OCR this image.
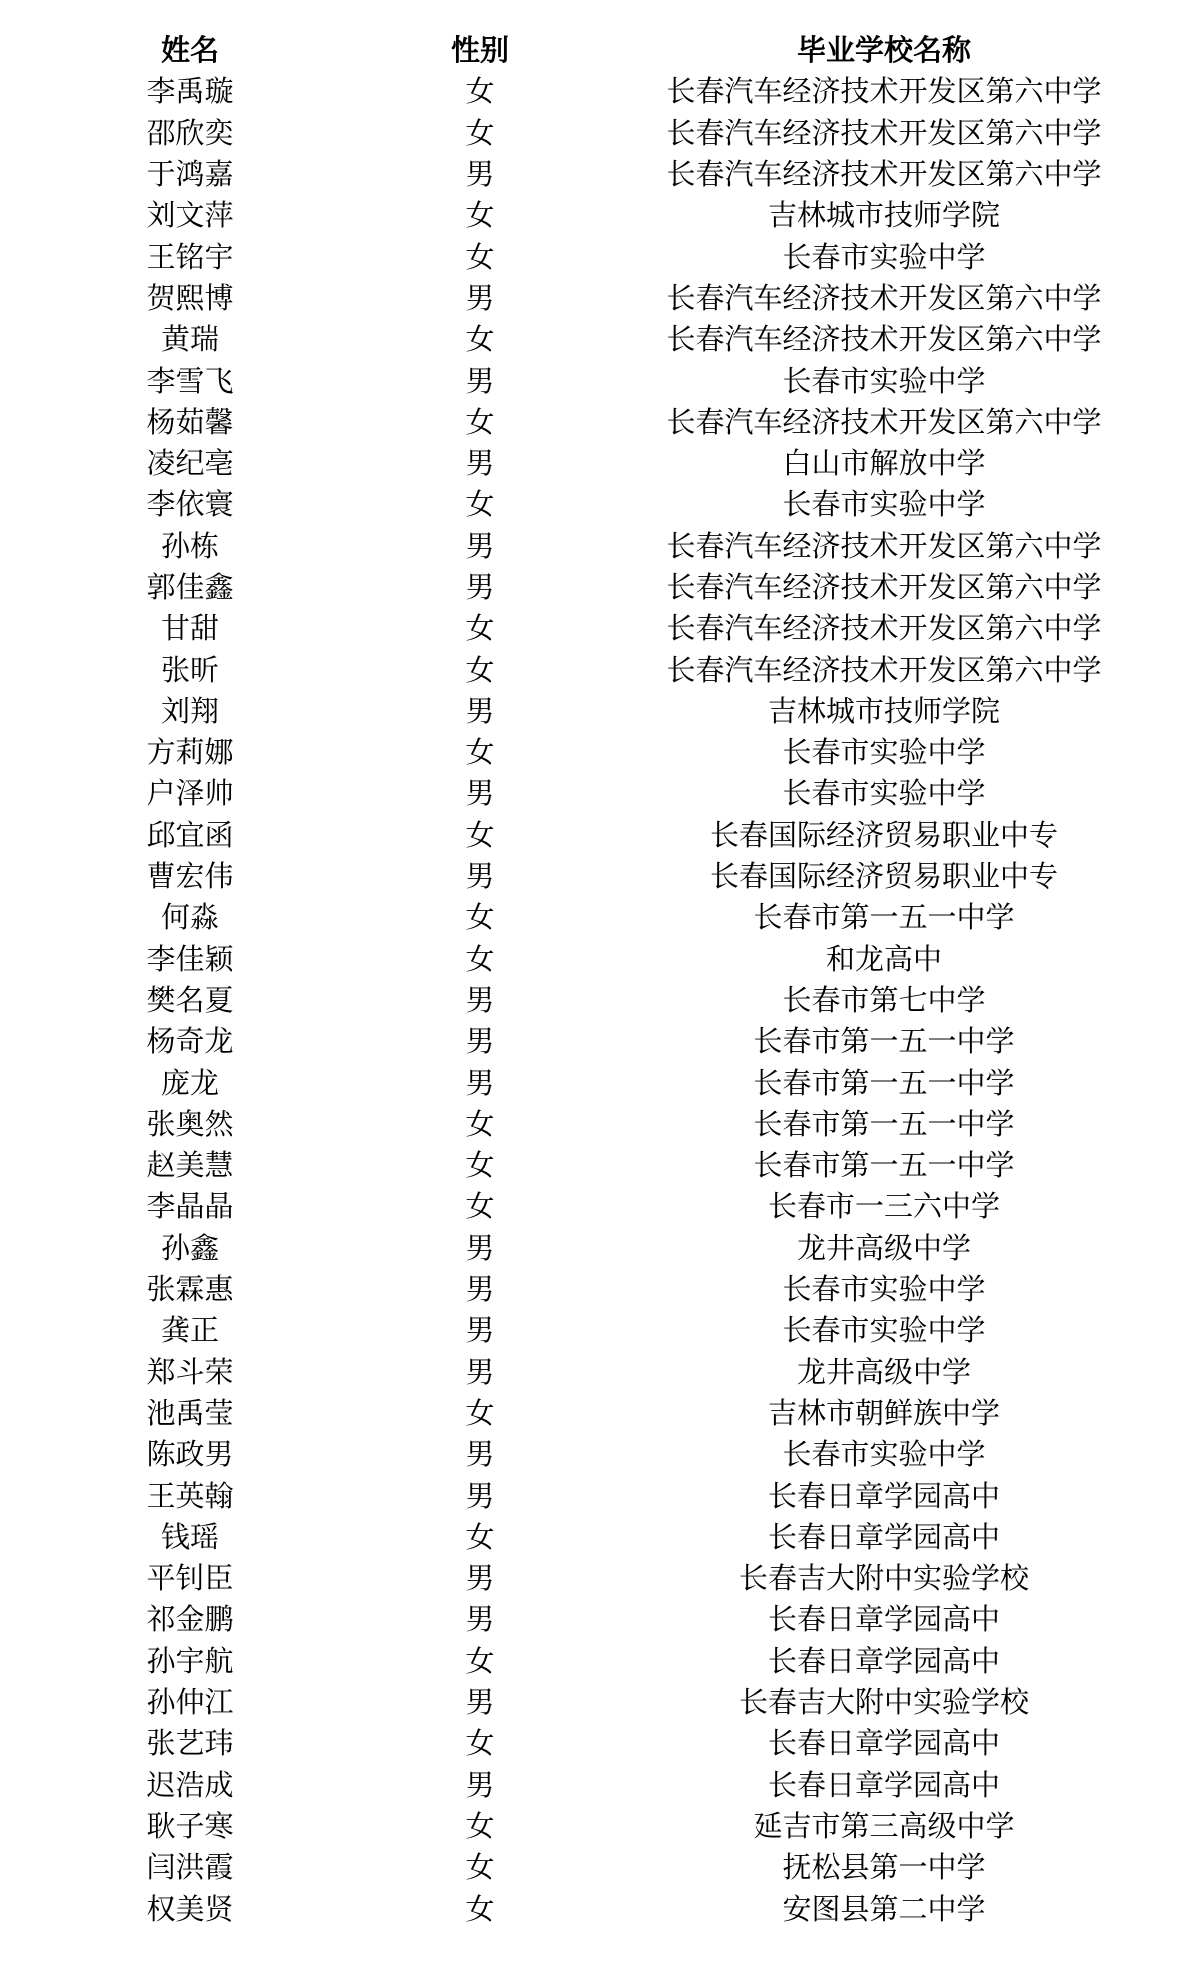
姓名	性别	毕业学校名称
李禹璇	女	长春汽车经济技术开发区第六中学
邵欣奕	女	长春汽车经济技术开发区第六中学
于鸿嘉	男	长春汽车经济技术开发区第六中学
刘文萍	女	吉林城市技师学院
王铭宇	女	长春市实验中学
贺熙博	男	长春汽车经济技术开发区第六中学
黄瑞	女	长春汽车经济技术开发区第六中学
李雪飞	男	长春市实验中学
杨茹馨	女	长春汽车经济技术开发区第六中学
凌纪亳	男	白山市解放中学
李依寰	女	长春市实验中学
孙栋	男	长春汽车经济技术开发区第六中学
郭佳鑫	男	长春汽车经济技术开发区第六中学
甘甜	女	长春汽车经济技术开发区第六中学
张昕	女	长春汽车经济技术开发区第六中学
刘翔	男	吉林城市技师学院
方莉娜	女	长春市实验中学
户泽帅	男	长春市实验中学
邱宜函	女	长春国际经济贸易职业中专
曹宏伟	男	长春国际经济贸易职业中专
何淼	女	长春市第一五一中学
李佳颖	女	和龙高中
樊名夏	男	长春市第七中学
杨奇龙	男	长春市第一五一中学
庞龙	男	长春市第一五一中学
张奥然	女	长春市第一五一中学
赵美慧	女	长春市第一五一中学
李晶晶	女	长春市一三六中学
孙鑫	男	龙井高级中学
张霖惠	男	长春市实验中学
龚正	男	长春市实验中学
郑斗荣	男	龙井高级中学
池禹莹	女	吉林市朝鲜族中学
陈政男	男	长春市实验中学
王英翰	男	长春日章学园高中
钱瑶	女	长春日章学园高中
平钊臣	男	长春吉大附中实验学校
祁金鹏	男	长春日章学园高中
孙宇航	女	长春日章学园高中
孙仲江	男	长春吉大附中实验学校
张艺玮	女	长春日章学园高中
迟浩成	男	长春日章学园高中
耿子寒	女	延吉市第三高级中学
闫洪霞	女	抚松县第一中学
权美贤	女	安图县第二中学
